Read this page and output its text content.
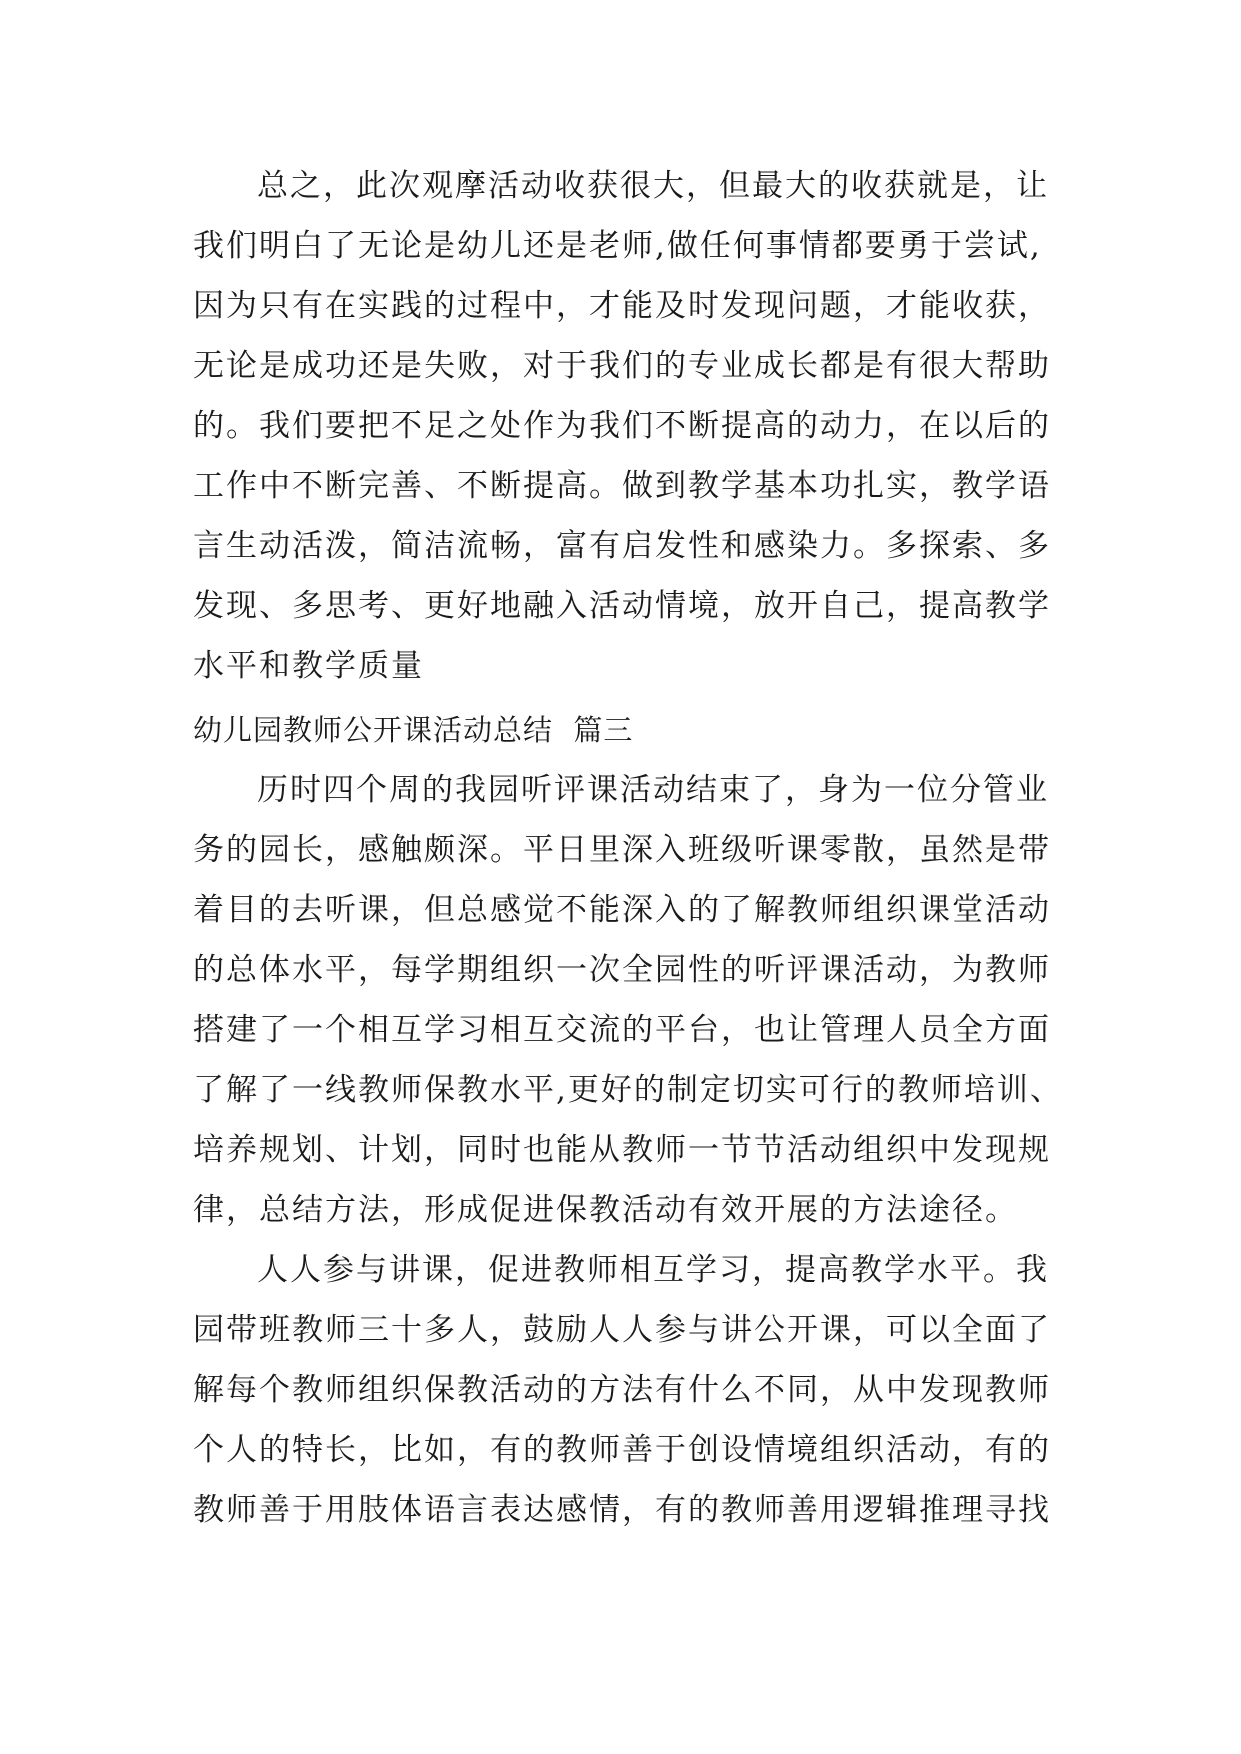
总之，此次观摩活动收获很大，但最大的收获就是，让
我们明白了无论是幼儿还是老师,做任何事情都要勇于尝试,
因为只有在实践的过程中，才能及时发现问题，才能收获，
无论是成功还是失败，对于我们的专业成长都是有很大帮助
的。我们要把不足之处作为我们不断提高的动力，在以后的
工作中不断完善、不断提高。做到教学基本功扎实，教学语
言生动活泼，简洁流畅，富有启发性和感染力。多探索、多
发现、多思考、更好地融入活动情境，放开自己，提高教学
水平和教学质量
幼儿园教师公开课活动总结  篇三
历时四个周的我园听评课活动结束了，身为一位分管业
务的园长，感触颇深。平日里深入班级听课零散，虽然是带
着目的去听课，但总感觉不能深入的了解教师组织课堂活动
的总体水平，每学期组织一次全园性的听评课活动，为教师
搭建了一个相互学习相互交流的平台，也让管理人员全方面
了解了一线教师保教水平,更好的制定切实可行的教师培训、
培养规划、计划，同时也能从教师一节节活动组织中发现规
律，总结方法，形成促进保教活动有效开展的方法途径。
人人参与讲课，促进教师相互学习，提高教学水平。我
园带班教师三十多人，鼓励人人参与讲公开课，可以全面了
解每个教师组织保教活动的方法有什么不同，从中发现教师
个人的特长，比如，有的教师善于创设情境组织活动，有的
教师善于用肢体语言表达感情，有的教师善用逻辑推理寻找
